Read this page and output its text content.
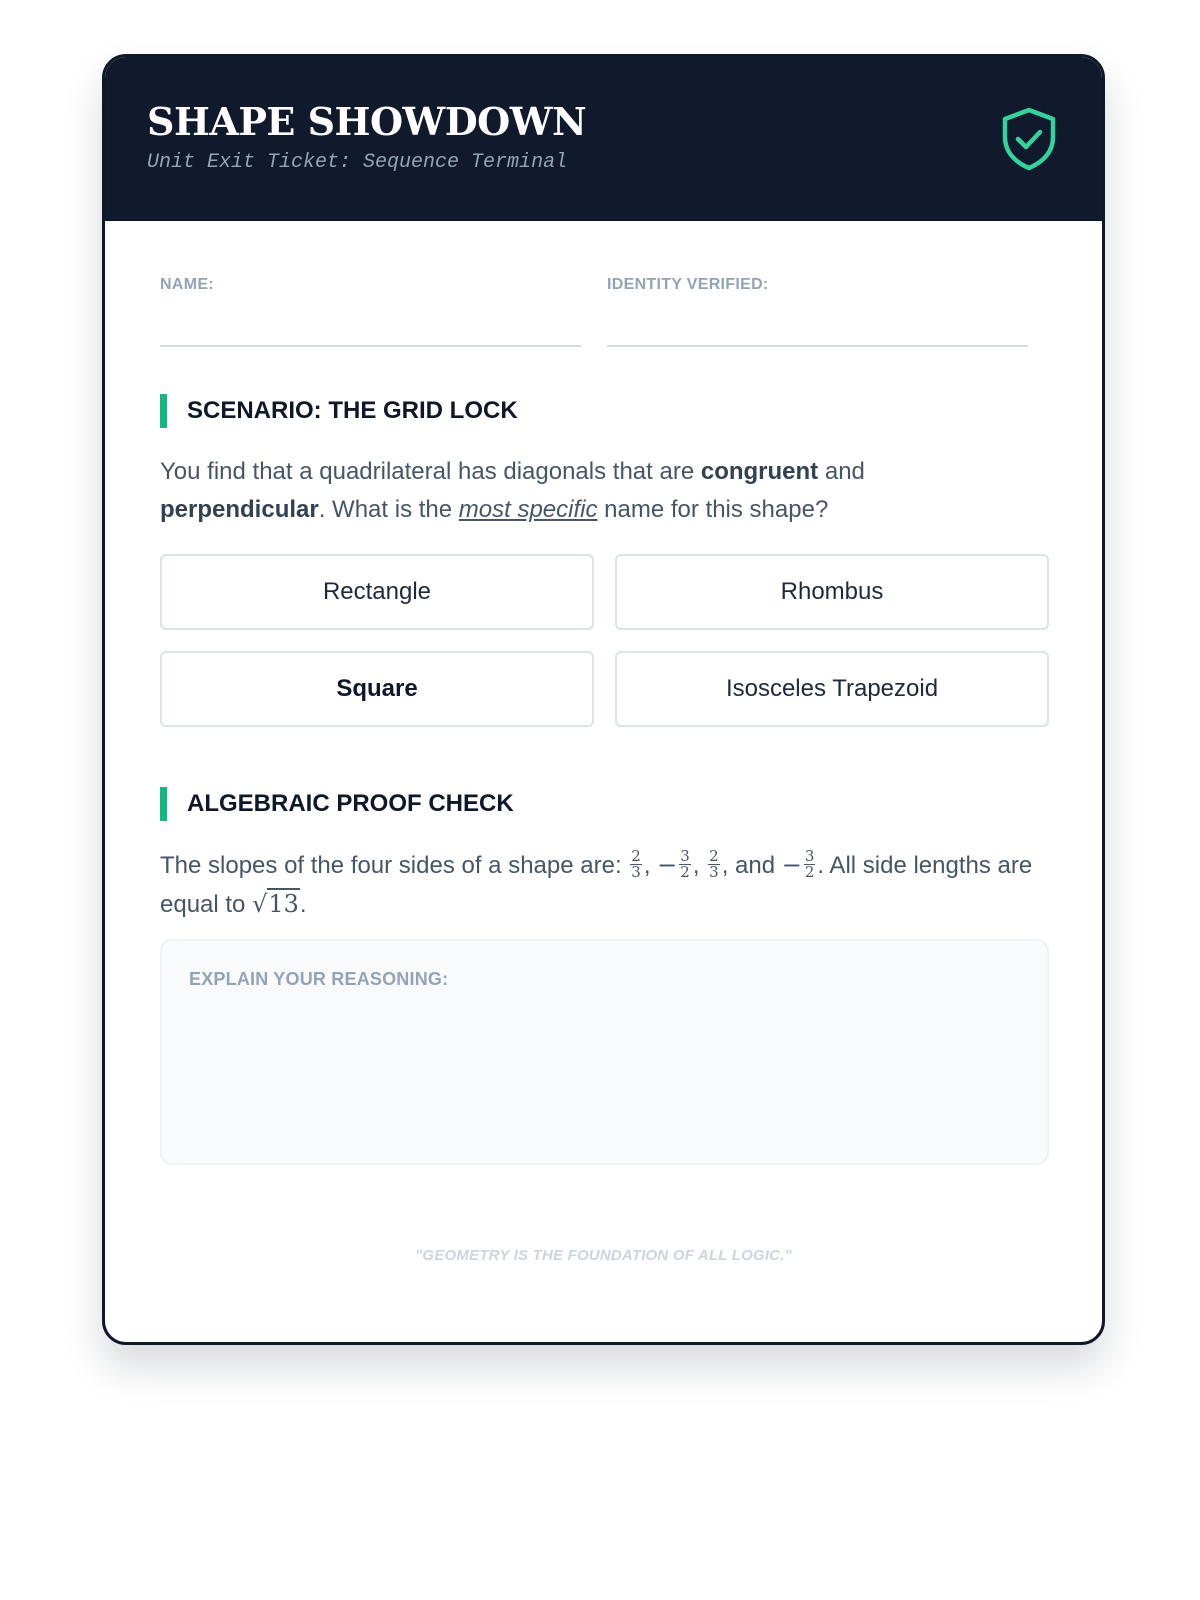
SHAPE SHOWDOWN
Unit Exit Ticket: Sequence Terminal
NAME:	IDENTITY VERIFIED:
SCENARIO: THE GRID LOCK
You find that a quadrilateral has diagonals that are congruent and
perpendicular. What is the most specific name for this shape?
Rectangle	Rhombus
Square	Isosceles Trapezoid
ALGEBRAIC PROOF CHECK
The slopes of the four sides of a shape are: $\frac{2}{3}$ , − $\frac{3}{2}$ , $\frac{2}{3}$ , and − $\frac{3}{2}$ . All side lengths are equal to √13.
EXPLAIN YOUR REASONING:
"GEOMETRY IS THE FOUNDATION OF ALL LOGIC."
